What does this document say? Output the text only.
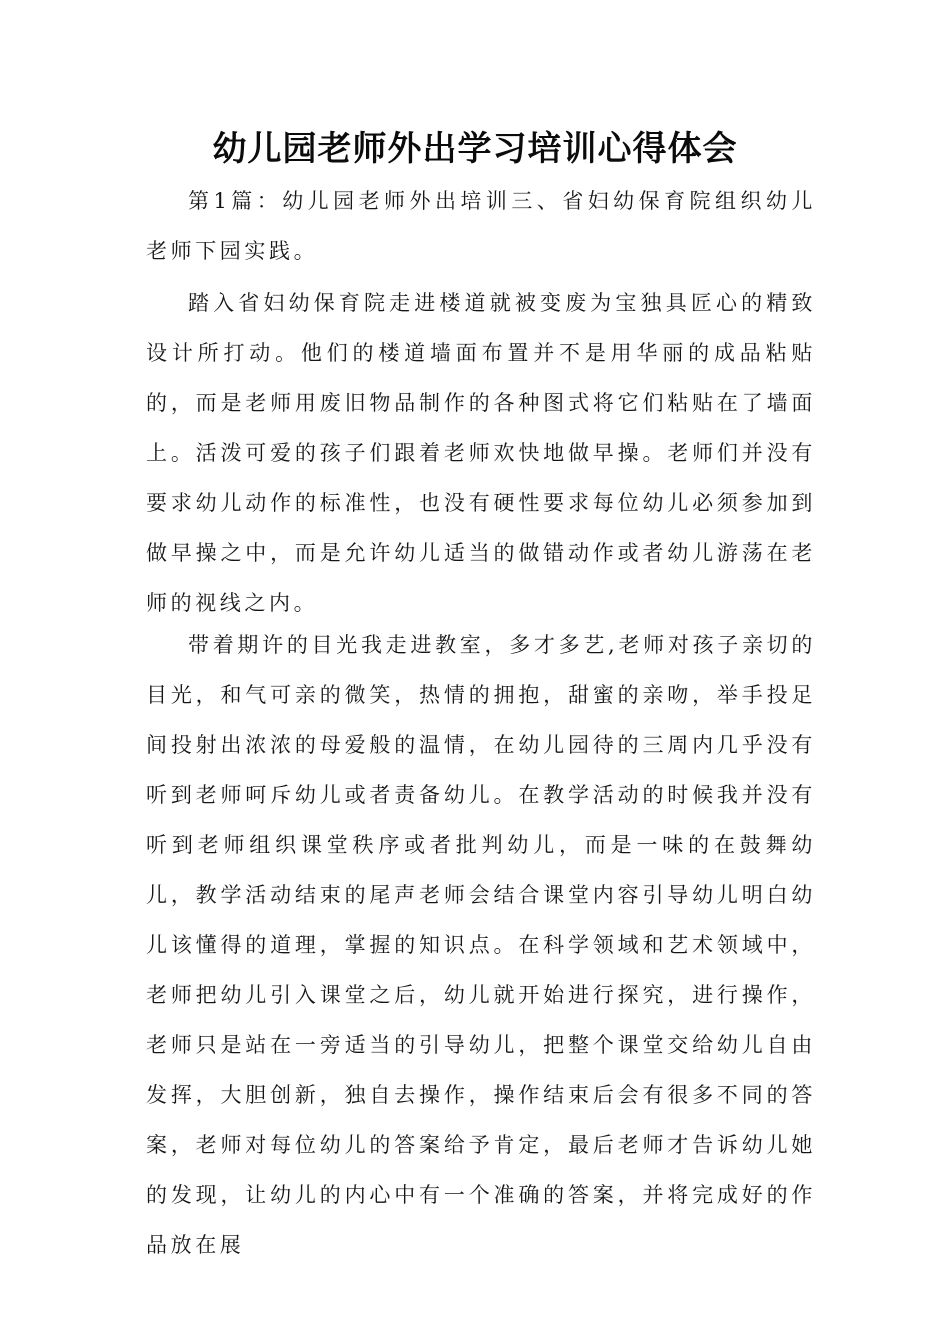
幼儿园老师外出学习培训心得体会

第1篇：幼儿园老师外出培训三、省妇幼保育院组织幼儿老师下园实践。

踏入省妇幼保育院走进楼道就被变废为宝独具匠心的精致设计所打动。他们的楼道墙面布置并不是用华丽的成品粘贴的，而是老师用废旧物品制作的各种图式将它们粘贴在了墙面上。活泼可爱的孩子们跟着老师欢快地做早操。老师们并没有要求幼儿动作的标准性，也没有硬性要求每位幼儿必须参加到做早操之中，而是允许幼儿适当的做错动作或者幼儿游荡在老师的视线之内。

带着期许的目光我走进教室，多才多艺,老师对孩子亲切的目光，和气可亲的微笑，热情的拥抱，甜蜜的亲吻，举手投足间投射出浓浓的母爱般的温情，在幼儿园待的三周内几乎没有听到老师呵斥幼儿或者责备幼儿。在教学活动的时候我并没有听到老师组织课堂秩序或者批判幼儿，而是一味的在鼓舞幼儿，教学活动结束的尾声老师会结合课堂内容引导幼儿明白幼儿该懂得的道理，掌握的知识点。在科学领域和艺术领域中，老师把幼儿引入课堂之后，幼儿就开始进行探究，进行操作，老师只是站在一旁适当的引导幼儿，把整个课堂交给幼儿自由发挥，大胆创新，独自去操作，操作结束后会有很多不同的答案，老师对每位幼儿的答案给予肯定，最后老师才告诉幼儿她的发现，让幼儿的内心中有一个准确的答案，并将完成好的作品放在展
